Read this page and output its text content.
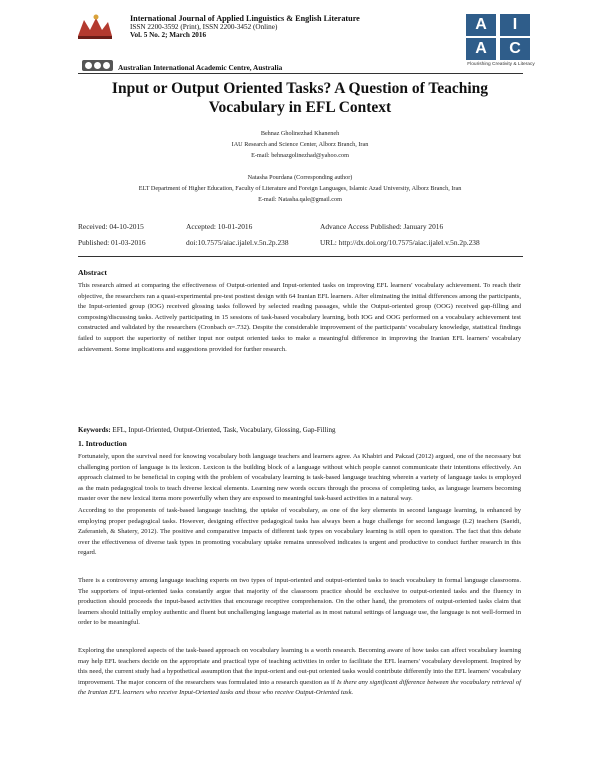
International Journal of Applied Linguistics & English Literature
ISSN 2200-3592 (Print), ISSN 2200-3452 (Online)
Vol. 5 No. 2; March 2016
Australian International Academic Centre, Australia
A	I
A	C
Flourishing Creativity & Literacy
Input or Output Oriented Tasks? A Question of Teaching
Vocabulary in EFL Context
Behnaz Gholinezhad Khaneneh
IAU Research and Science Center, Alborz Branch, Iran
E-mail: behnazgolinezhad@yahoo.com
Natasha Pourdana (Corresponding author)
ELT Department of Higher Education, Faculty of Literature and Foreign Languages, Islamic Azad University, Alborz Branch, Iran
E-mail: Natasha.qale@gmail.com
Received: 04-10-2015	Accepted: 10-01-2016	Advance Access Published: January 2016
Published: 01-03-2016	doi:10.7575/aiac.ijalel.v.5n.2p.238	URL: http://dx.doi.org/10.7575/aiac.ijalel.v.5n.2p.238
Abstract
This research aimed at comparing the effectiveness of Output-oriented and Input-oriented tasks on improving EFL learners' vocabulary achievement. To reach their objective, the researchers ran a quasi-experimental pre-test posttest design with 64 Iranian EFL learners. After eliminating the initial differences among the participants, the Input-oriented group (IOG) received glossing tasks followed by selected reading passages, while the Output-oriented group (OOG) received gap-filling and composing/discussing tasks. Actively participating in 15 sessions of task-based vocabulary learning, both IOG and OOG performed on a vocabulary achievement test constructed and validated by the researchers (Cronbach α=.732). Despite the considerable improvement of the participants' vocabulary knowledge, statistical findings failed to support the superiority of neither input nor output oriented tasks to make a meaningful difference in improving the Iranian EFL learners' vocabulary achievement. Some implications and suggestions provided for further research.
Keywords: EFL, Input-Oriented, Output-Oriented, Task, Vocabulary, Glossing, Gap-Filling
1. Introduction
Fortunately, upon the survival need for knowing vocabulary both language teachers and learners agree. As Khabiri and Pakzad (2012) argued, one of the necessary but challenging portion of language is its lexicon. Lexicon is the building block of a language without which people cannot communicate their intentions effectively. An approach claimed to be beneficial in coping with the problem of vocabulary learning is task-based language teaching wherein a variety of language tasks is employed as the main pedagogical tools to teach diverse lexical elements. Learning new words occurs through the process of completing tasks, as language learners becoming master over the new lexical items more powerfully when they are exposed to meaningful task-based activities in a natural way.
According to the proponents of task-based language teaching, the uptake of vocabulary, as one of the key elements in second language learning, is enhanced by employing proper pedagogical tasks. However, designing effective pedagogical tasks has always been a huge challenge for second language (L2) teachers (Saeidi, Zaferanieh, & Shatery, 2012). The positive and comparative impacts of different task types on vocabulary learning is still open to question. The fact that this debate over the effectiveness of diverse task types in promoting vocabulary uptake remains unresolved indicates is urgent and productive to conduct further research in this regard.
There is a controversy among language teaching experts on two types of input-oriented and output-oriented tasks to teach vocabulary in formal language classrooms. The supporters of input-oriented tasks constantly argue that majority of the classroom practice should be exclusive to output-oriented tasks and the fluency in production should proceeds the input-based activities that encourage receptive comprehension. On the other hand, the promoters of output-oriented tasks claim that learners should initially employ authentic and fluent but unchallenging language material as in most natural settings of language use, the language is not well-formed in order to be meaningful.
Exploring the unexplored aspects of the task-based approach on vocabulary learning is a worth research. Becoming aware of how tasks can affect vocabulary learning may help EFL teachers decide on the appropriate and practical type of teaching activities in order to facilitate the EFL learners' vocabulary development. Inspired by this need, the current study had a hypothetical assumption that the input-orient and out-put oriented tasks would contribute differently into the EFL learners' vocabulary improvement. The major concern of the researchers was formulated into a research question as if Is there any significant difference between the vocabulary retrieval of the Iranian EFL learners who receive Input-Oriented tasks and those who receive Output-Oriented task.
